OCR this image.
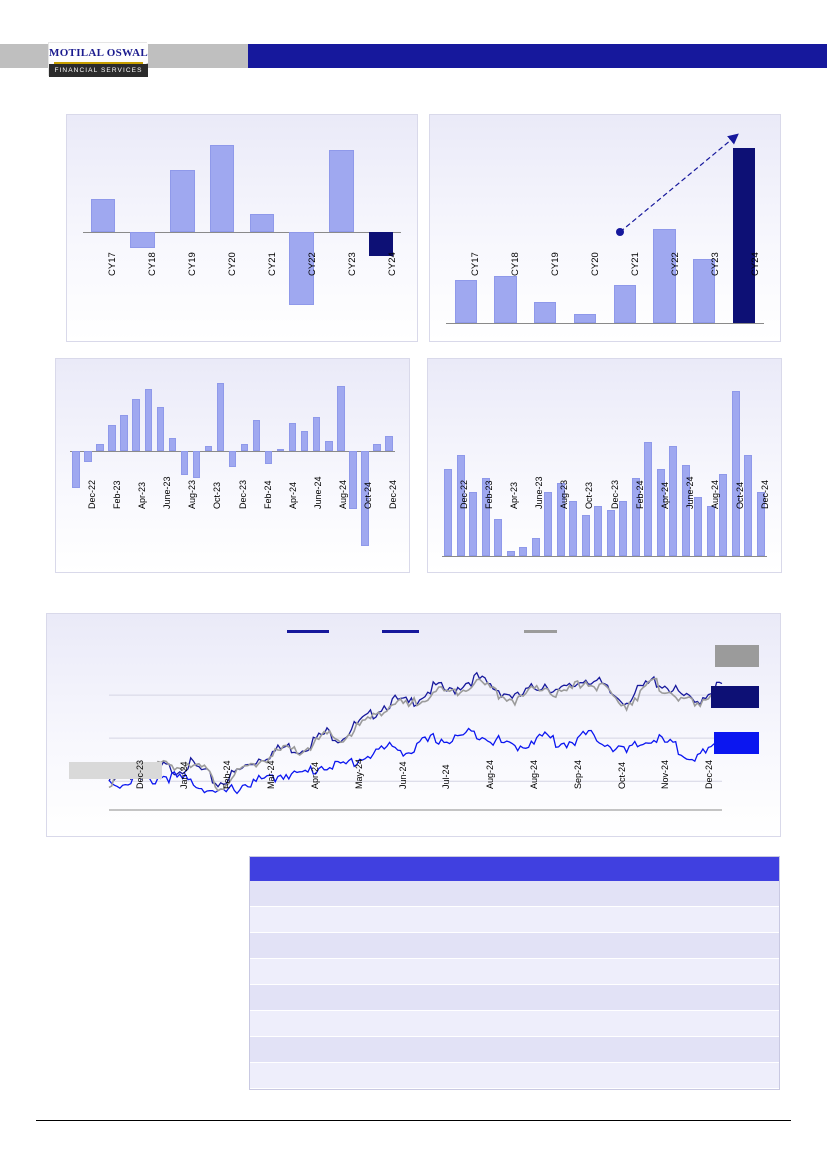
MOTILAL OSWAL
FINANCIAL SERVICES
CY17	CY18	CY19	CY20	CY21	CY22	CY23	CY24	CY17	CY18	CY19	CY20	CY21	CY22	CY23	CY24
Dec-22 Feb-23 Apr-23 June-23 Aug-23 Oct-23 Dec-23 Feb-24 Apr-24 June-24 Aug-24 Oct-24 Dec-24	Dec-22 Feb-23 Apr-23 June-23 Aug-23 Oct-23 Dec-23 Feb-24 Apr-24 June-24 Aug-24 Oct-24 Dec-24
Dec-23	Jan-24	Feb-24	Mar-24	Apr-24	May-24	Jun-24	Jul-24	Aug-24	Aug-24	Sep-24	Oct-24	Nov-24	Dec-24
